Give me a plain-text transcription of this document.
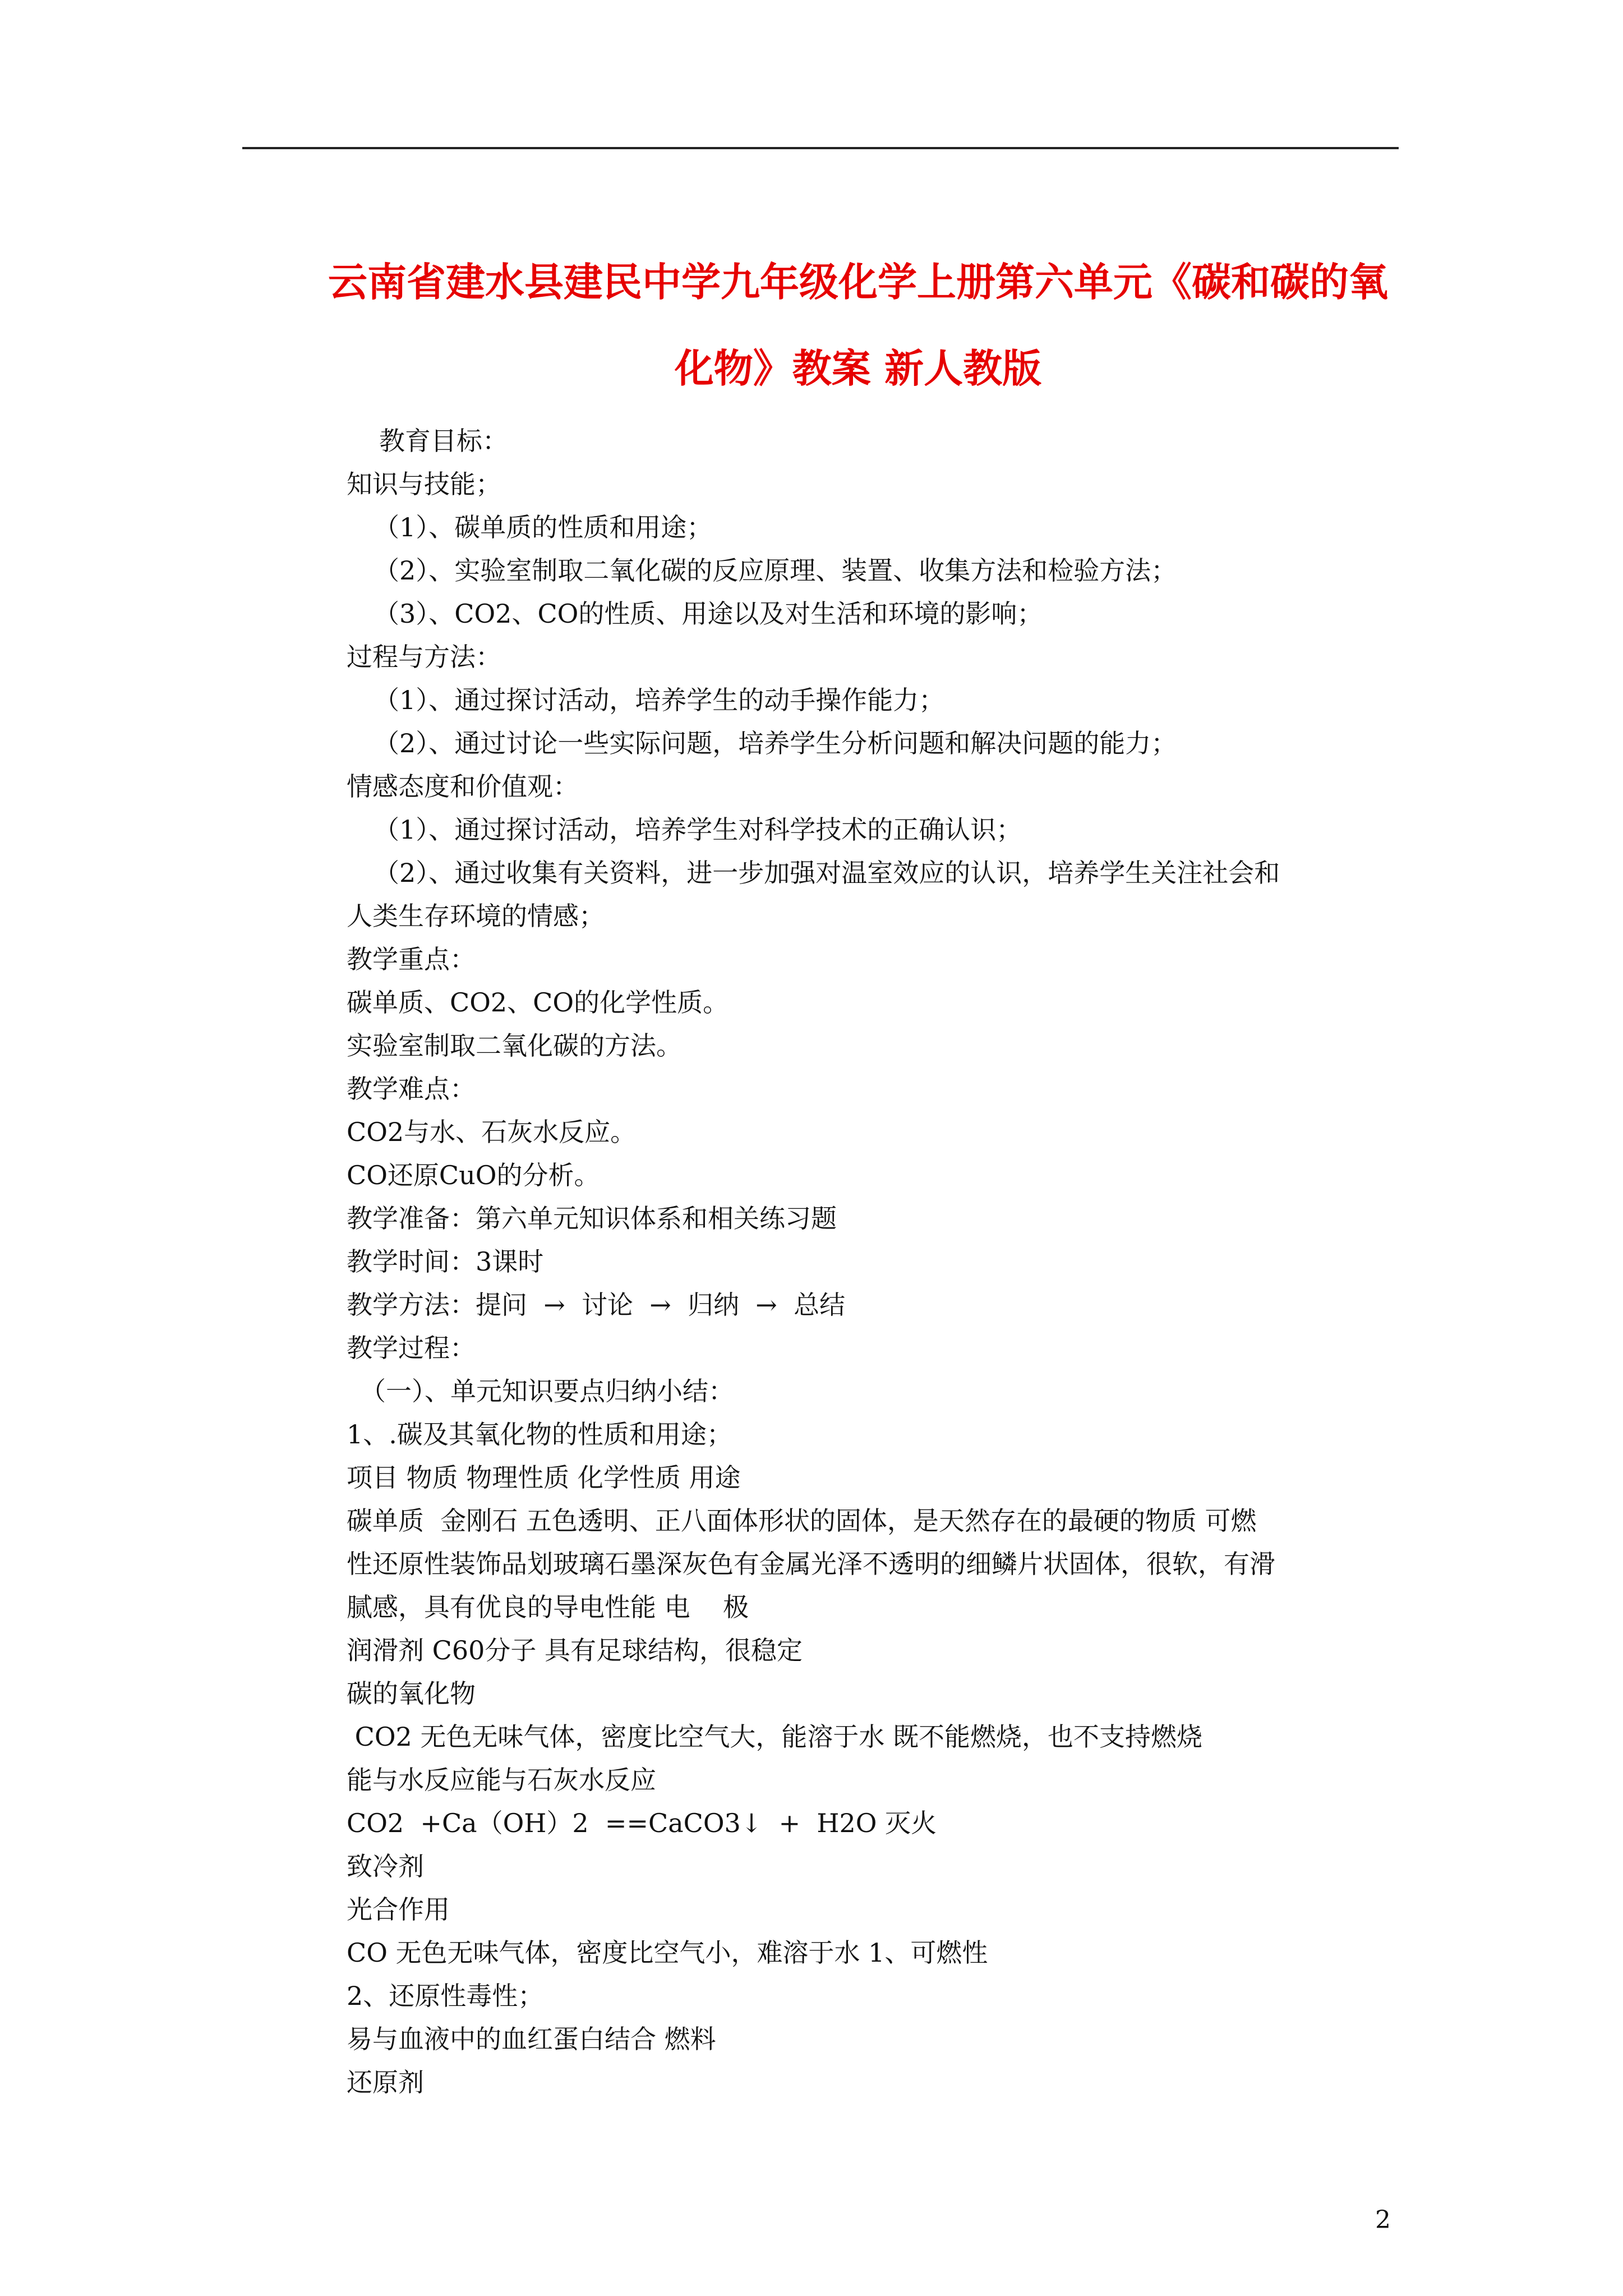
云南省建水县建民中学九年级化学上册第六单元《碳和碳的氧
化物》教案 新人教版
教育目标：
知识与技能；
（1）、碳单质的性质和用途；
（2）、实验室制取二氧化碳的反应原理、装置、收集方法和检验方法；
（3）、CO2、CO的性质、用途以及对生活和环境的影响；
过程与方法：
（1）、通过探讨活动，培养学生的动手操作能力；
（2）、通过讨论一些实际问题，培养学生分析问题和解决问题的能力；
情感态度和价值观：
（1）、通过探讨活动，培养学生对科学技术的正确认识；
（2）、通过收集有关资料，进一步加强对温室效应的认识，培养学生关注社会和
人类生存环境的情感；
教学重点：
碳单质、CO2、CO的化学性质。
实验室制取二氧化碳的方法。
教学难点：
CO2与水、石灰水反应。
CO还原CuO的分析。
教学准备：第六单元知识体系和相关练习题
教学时间：3课时
教学方法：提问  →  讨论  →  归纳  →  总结
教学过程：
（一）、单元知识要点归纳小结：
1、.碳及其氧化物的性质和用途；
项目 物质 物理性质 化学性质 用途
碳单质  金刚石 五色透明、正八面体形状的固体，是天然存在的最硬的物质 可燃
性还原性装饰品划玻璃石墨深灰色有金属光泽不透明的细鳞片状固体，很软，有滑
腻感，具有优良的导电性能 电    极
润滑剂 C60分子 具有足球结构，很稳定
碳的氧化物
CO2 无色无味气体，密度比空气大，能溶于水 既不能燃烧，也不支持燃烧
能与水反应能与石灰水反应
CO2  +Ca（OH）2  ==CaCO3↓  +  H2O 灭火
致冷剂
光合作用
CO 无色无味气体，密度比空气小，难溶于水 1、可燃性
2、还原性毒性；
易与血液中的血红蛋白结合 燃料
还原剂
2
